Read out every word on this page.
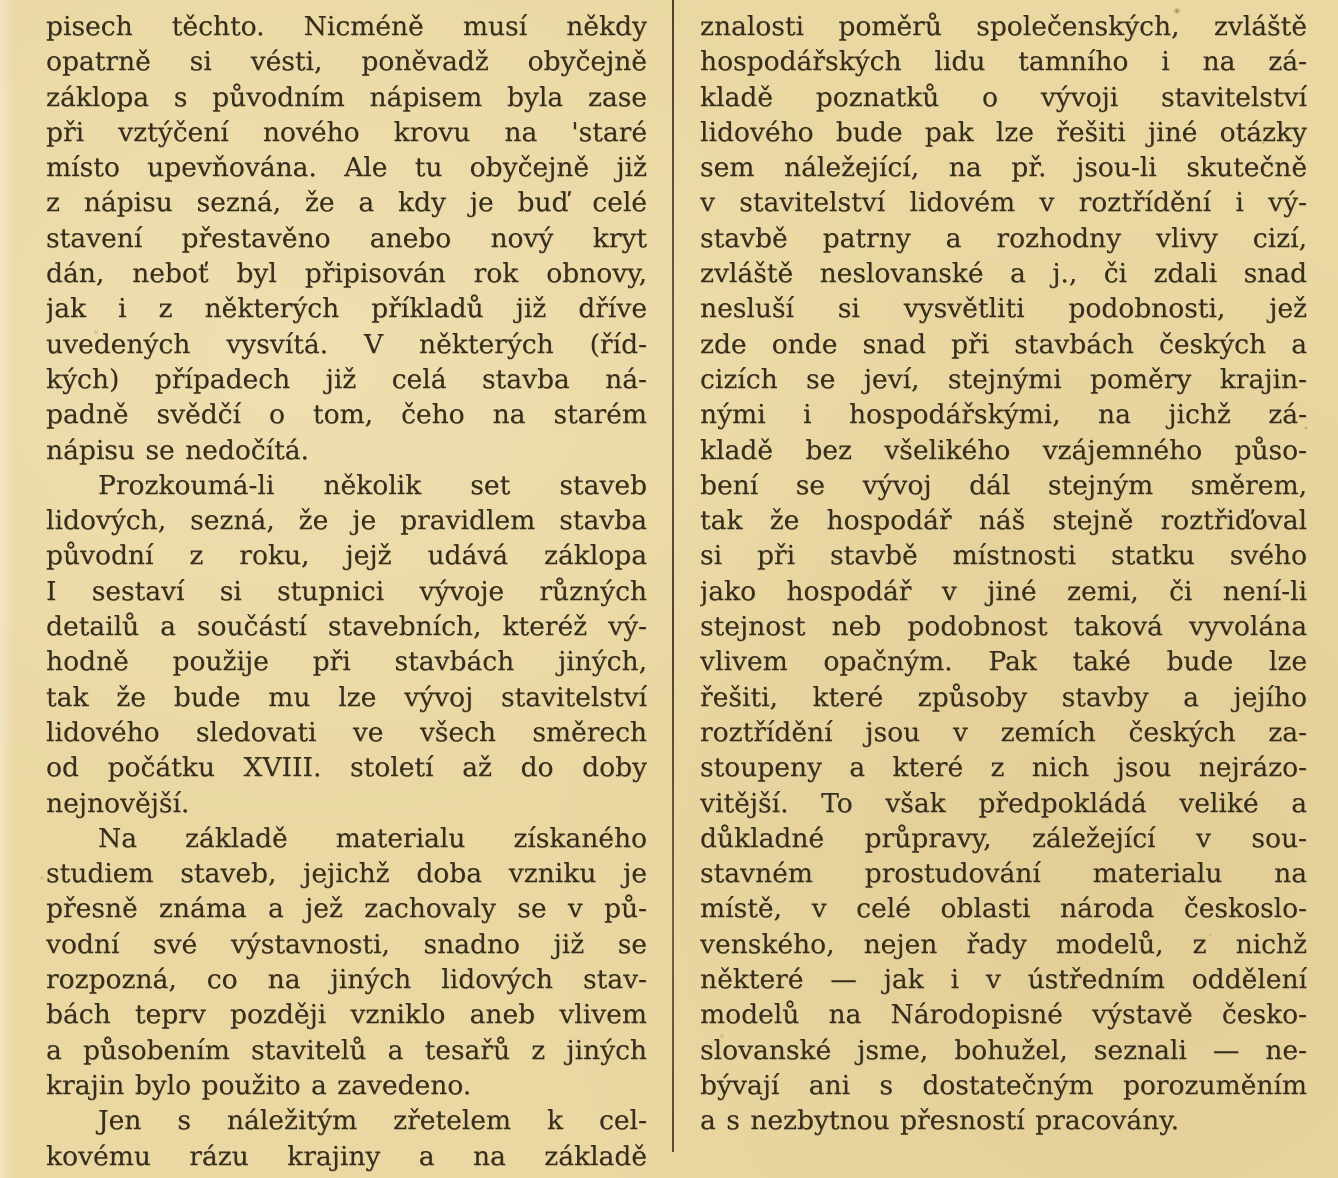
pisech těchto. Nicméně musí někdy
opatrně si vésti, poněvadž obyčejně
záklopa s původním nápisem byla zase
při vztýčení nového krovu na 'staré
místo upevňována. Ale tu obyčejně již
z nápisu sezná, že a kdy je buď celé
stavení přestavěno anebo nový kryt
dán, neboť byl připisován rok obnovy,
jak i z některých příkladů již dříve
uvedených vysvítá. V některých (říd-
kých) případech již celá stavba ná-
padně svědčí o tom, čeho na starém
nápisu se nedočítá.
Prozkoumá-li několik set staveb
lidových, sezná, že je pravidlem stavba
původní z roku, jejž udává záklopa
I sestaví si stupnici vývoje různých
detailů a součástí stavebních, kteréž vý-
hodně použije při stavbách jiných,
tak že bude mu lze vývoj stavitelství
lidového sledovati ve všech směrech
od počátku XVIII. století až do doby
nejnovější.
Na základě materialu získaného
studiem staveb, jejichž doba vzniku je
přesně známa a jež zachovaly se v pů-
vodní své výstavnosti, snadno již se
rozpozná, co na jiných lidových stav-
bách teprv později vzniklo aneb vlivem
a působením stavitelů a tesařů z jiných
krajin bylo použito a zavedeno.
Jen s náležitým zřetelem k cel-
kovému rázu krajiny a na základě
znalosti poměrů společenských, zvláště
hospodářských lidu tamního i na zá-
kladě poznatků o vývoji stavitelství
lidového bude pak lze řešiti jiné otázky
sem náležející, na př. jsou-li skutečně
v stavitelství lidovém v roztřídění i vý-
stavbě patrny a rozhodny vlivy cizí,
zvláště neslovanské a j., či zdali snad
nesluší si vysvětliti podobnosti, jež
zde onde snad při stavbách českých a
cizích se jeví, stejnými poměry krajin-
nými i hospodářskými, na jichž zá-
kladě bez všelikého vzájemného půso-
bení se vývoj dál stejným směrem,
tak že hospodář náš stejně roztřiďoval
si při stavbě místnosti statku svého
jako hospodář v jiné zemi, či není-li
stejnost neb podobnost taková vyvolána
vlivem opačným. Pak také bude lze
řešiti, které způsoby stavby a jejího
roztřídění jsou v zemích českých za-
stoupeny a které z nich jsou nejrázo-
vitější. To však předpokládá veliké a
důkladné průpravy, záležející v sou-
stavném prostudování materialu na
místě, v celé oblasti národa českoslo-
venského, nejen řady modelů, z nichž
některé — jak i v ústředním oddělení
modelů na Národopisné výstavě česko-
slovanské jsme, bohužel, seznali — ne-
bývají ani s dostatečným porozuměním
a s nezbytnou přesností pracovány.
